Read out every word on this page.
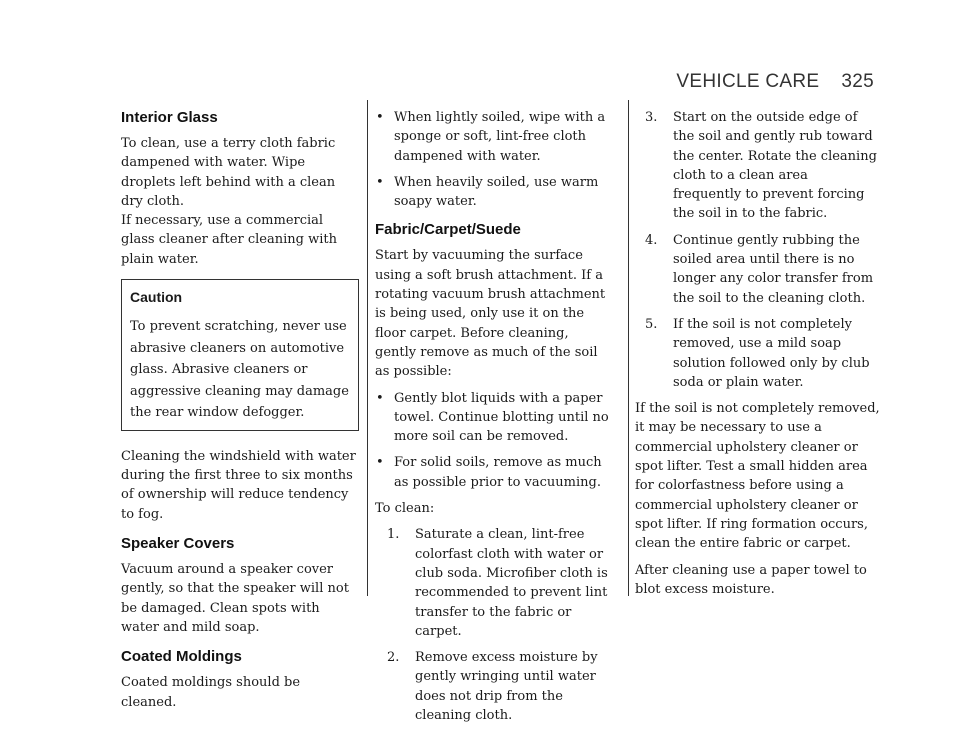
VEHICLE CARE 325
Interior Glass

To clean, use a terry cloth fabric dampened with water. Wipe droplets left behind with a clean dry cloth.

If necessary, use a commercial glass cleaner after cleaning with plain water.

Caution
To prevent scratching, never use abrasive cleaners on automotive glass. Abrasive cleaners or aggressive cleaning may damage the rear window defogger.

Cleaning the windshield with water during the first three to six months of ownership will reduce tendency to fog.

Speaker Covers

Vacuum around a speaker cover gently, so that the speaker will not be damaged. Clean spots with water and mild soap.

Coated Moldings

Coated moldings should be cleaned.

• When lightly soiled, wipe with a sponge or soft, lint-free cloth dampened with water.
• When heavily soiled, use warm soapy water.
Fabric/Carpet/Suede

Start by vacuuming the surface using a soft brush attachment. If a rotating vacuum brush attachment is being used, only use it on the floor carpet. Before cleaning, gently remove as much of the soil as possible:

• Gently blot liquids with a paper towel. Continue blotting until no more soil can be removed.
• For solid soils, remove as much as possible prior to vacuuming.

To clean:

1. Saturate a clean, lint-free colorfast cloth with water or club soda. Microfiber cloth is recommended to prevent lint transfer to the fabric or carpet.
2. Remove excess moisture by gently wringing until water does not drip from the cleaning cloth.
3. Start on the outside edge of the soil and gently rub toward the center. Rotate the cleaning cloth to a clean area frequently to prevent forcing the soil in to the fabric.
4. Continue gently rubbing the soiled area until there is no longer any color transfer from the soil to the cleaning cloth.
5. If the soil is not completely removed, use a mild soap solution followed only by club soda or plain water.

If the soil is not completely removed, it may be necessary to use a commercial upholstery cleaner or spot lifter. Test a small hidden area for colorfastness before using a commercial upholstery cleaner or spot lifter. If ring formation occurs, clean the entire fabric or carpet.

After cleaning use a paper towel to blot excess moisture.
